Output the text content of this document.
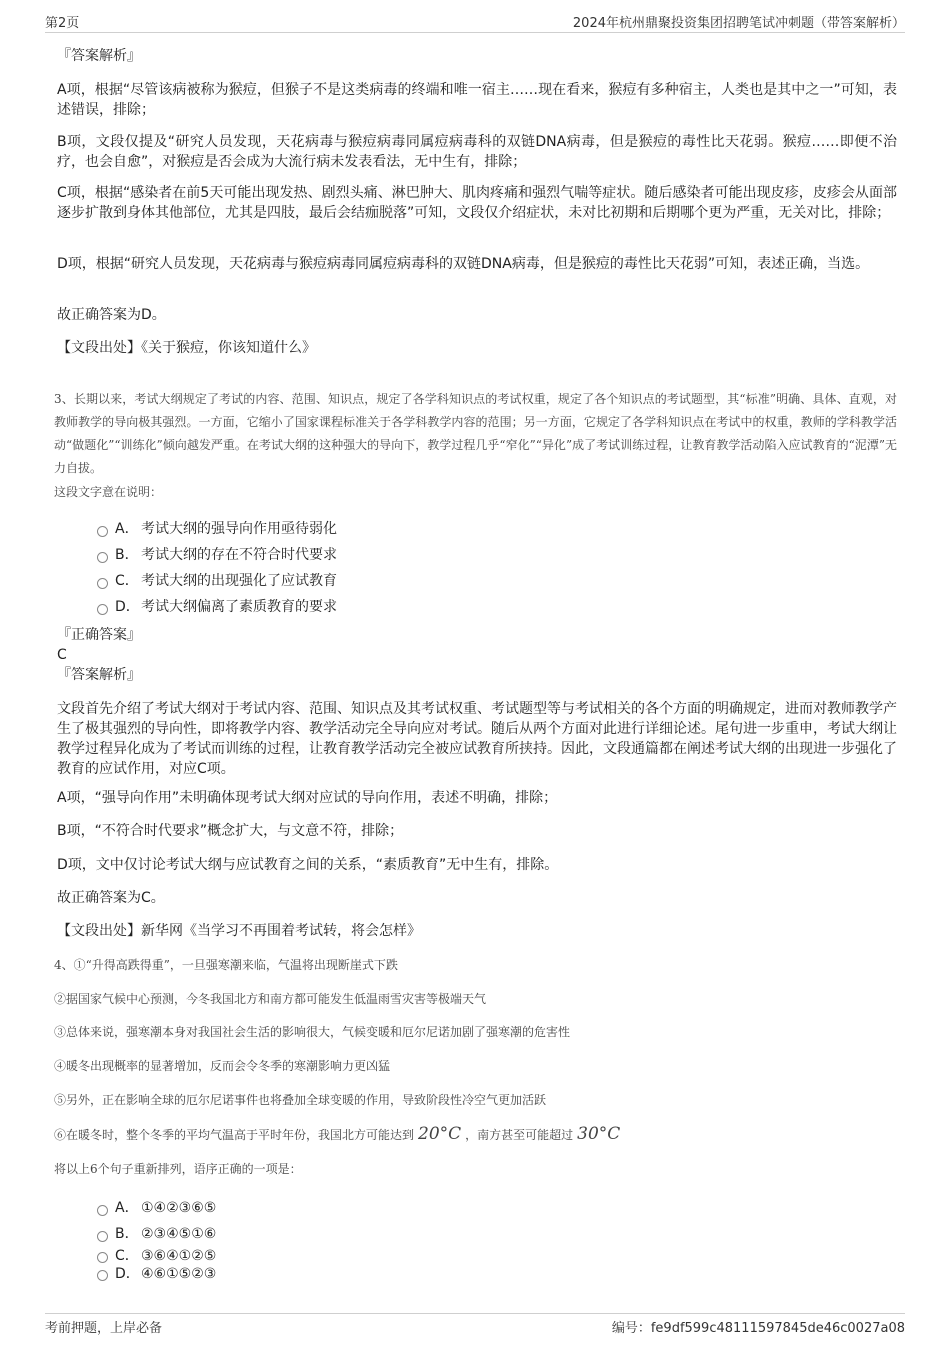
第2页	2024年杭州鼎聚投资集团招聘笔试冲刺题（带答案解析）

『答案解析』

A项，根据“尽管该病被称为猴痘，但猴子不是这类病毒的终端和唯一宿主……现在看来，猴痘有多种宿主，人类也是其中之一”可知，表述错误，排除；

B项，文段仅提及“研究人员发现，天花病毒与猴痘病毒同属痘病毒科的双链DNA病毒，但是猴痘的毒性比天花弱。猴痘……即便不治疗，也会自愈”，对猴痘是否会成为大流行病未发表看法，无中生有，排除；

C项，根据“感染者在前5天可能出现发热、剧烈头痛、淋巴肿大、肌肉疼痛和强烈气喘等症状。随后感染者可能出现皮疹，皮疹会从面部逐步扩散到身体其他部位，尤其是四肢，最后会结痂脱落”可知，文段仅介绍症状，未对比初期和后期哪个更为严重，无关对比，排除；

D项，根据“研究人员发现，天花病毒与猴痘病毒同属痘病毒科的双链DNA病毒，但是猴痘的毒性比天花弱”可知，表述正确，当选。

故正确答案为D。

【文段出处】《关于猴痘，你该知道什么》

3、长期以来，考试大纲规定了考试的内容、范围、知识点，规定了各学科知识点的考试权重，规定了各个知识点的考试题型，其“标准”明确、具体、直观，对教师教学的导向极其强烈。一方面，它缩小了国家课程标准关于各学科教学内容的范围；另一方面，它规定了各学科知识点在考试中的权重，教师的学科教学活动“做题化”“训练化”倾向越发严重。在考试大纲的这种强大的导向下，教学过程几乎“窄化”“异化”成了考试训练过程，让教育教学活动陷入应试教育的“泥潭”无力自拔。

这段文字意在说明：

A． 考试大纲的强导向作用亟待弱化
B． 考试大纲的存在不符合时代要求
C． 考试大纲的出现强化了应试教育
D．考试大纲偏离了素质教育的要求

『正确答案』

C

『答案解析』

文段首先介绍了考试大纲对于考试内容、范围、知识点及其考试权重、考试题型等与考试相关的各个方面的明确规定，进而对教师教学产生了极其强烈的导向性，即将教学内容、教学活动完全导向应对考试。随后从两个方面对此进行详细论述。尾句进一步重申，考试大纲让教学过程异化成为了考试而训练的过程，让教育教学活动完全被应试教育所挟持。因此，文段通篇都在阐述考试大纲的出现进一步强化了教育的应试作用，对应C项。

A项，“强导向作用”未明确体现考试大纲对应试的导向作用，表述不明确，排除；

B项，“不符合时代要求”概念扩大，与文意不符，排除；

D项，文中仅讨论考试大纲与应试教育之间的关系，“素质教育”无中生有，排除。

故正确答案为C。

【文段出处】新华网《当学习不再围着考试转，将会怎样》

4、①“升得高跌得重”，一旦强寒潮来临，气温将出现断崖式下跌

②据国家气候中心预测，今冬我国北方和南方都可能发生低温雨雪灾害等极端天气

③总体来说，强寒潮本身对我国社会生活的影响很大，气候变暖和厄尔尼诺加剧了强寒潮的危害性

④暖冬出现概率的显著增加，反而会令冬季的寒潮影响力更凶猛

⑤另外，正在影响全球的厄尔尼诺事件也将叠加全球变暖的作用，导致阶段性冷空气更加活跃

⑥在暖冬时，整个冬季的平均气温高于平时年份，我国北方可能达到 20°C ，南方甚至可能超过 30°C

将以上6个句子重新排列，语序正确的一项是：

A． ①④②③⑥⑤
B． ②③④⑤①⑥
C． ③⑥④①②⑤
D．④⑥①⑤②③
考前押题，上岸必备	编号：fe9df599c48111597845de46c0027a08
